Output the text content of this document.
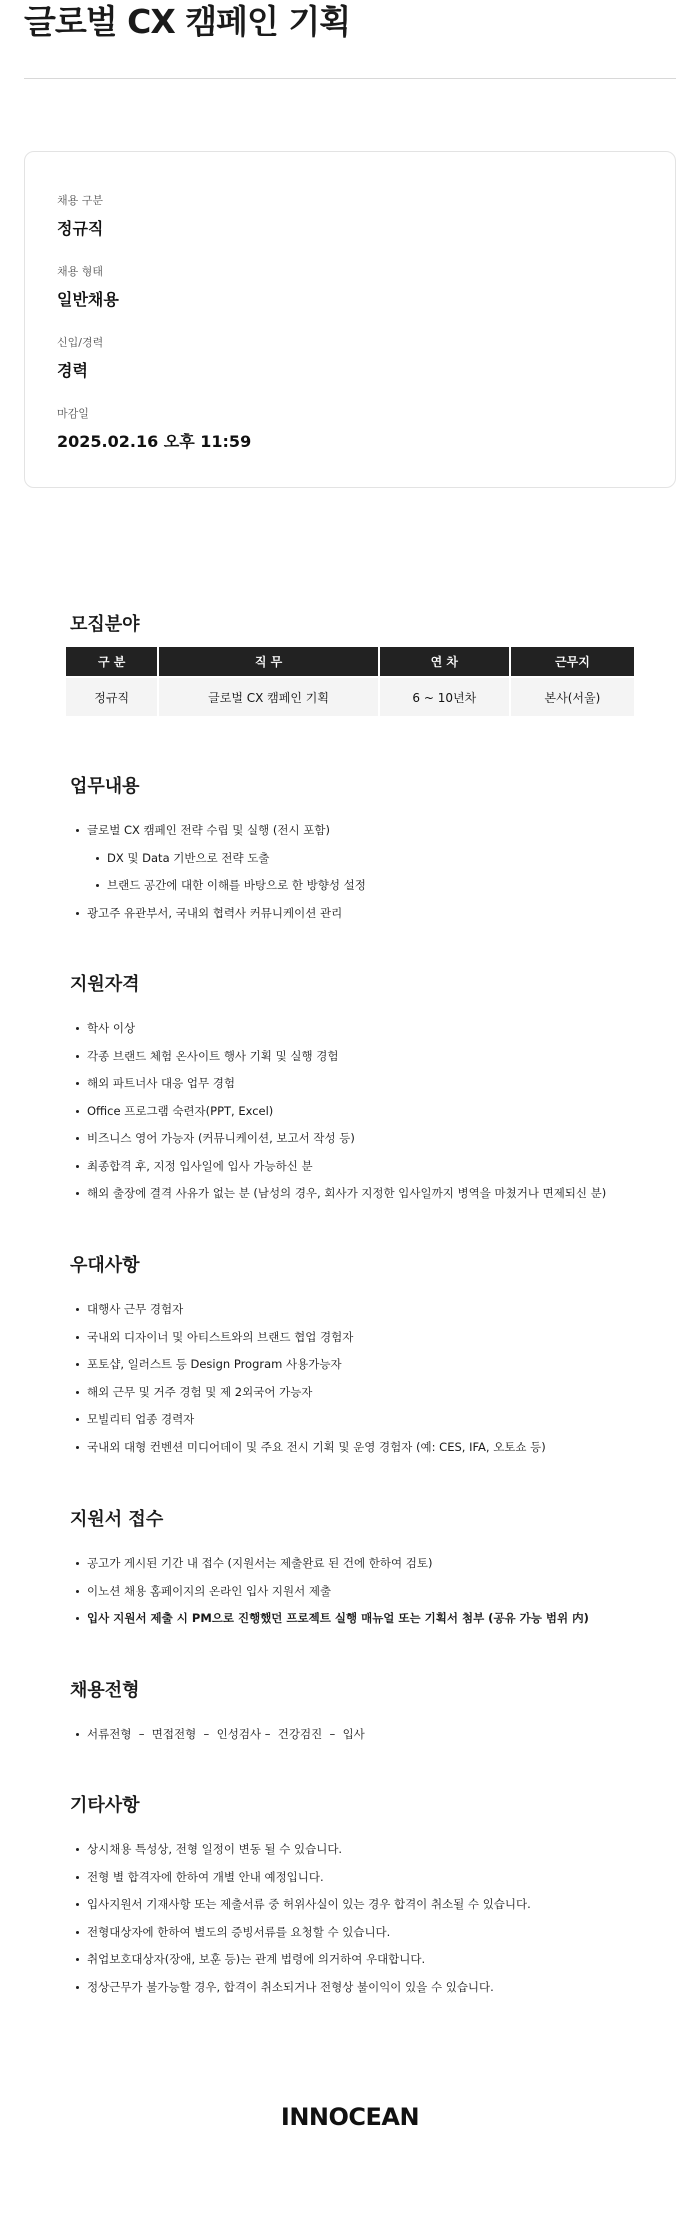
글로벌 CX 캠페인 기획
채용 구분
정규직
채용 형태
일반채용
신입/경력
경력
마감일
2025.02.16 오후 11:59
모집분야
구 분	직 무	연 차	근무지
정규직	글로벌 CX 캠페인 기획	6 ~ 10년차	본사(서울)
업무내용
글로벌 CX 캠페인 전략 수립 및 실행 (전시 포함)
DX 및 Data 기반으로 전략 도출
브랜드 공간에 대한 이해를 바탕으로 한 방향성 설정
광고주 유관부서, 국내외 협력사 커뮤니케이션 관리
지원자격
학사 이상
각종 브랜드 체험 온사이트 행사 기획 및 실행 경험
해외 파트너사 대응 업무 경험
Office 프로그램 숙련자(PPT, Excel)
비즈니스 영어 가능자 (커뮤니케이션, 보고서 작성 등)
최종합격 후, 지정 입사일에 입사 가능하신 분
해외 출장에 결격 사유가 없는 분 (남성의 경우, 회사가 지정한 입사일까지 병역을 마쳤거나 면제되신 분)
우대사항
대행사 근무 경험자
국내외 디자이너 및 아티스트와의 브랜드 협업 경험자
포토샵, 일러스트 등 Design Program 사용가능자
해외 근무 및 거주 경험 및 제 2외국어 가능자
모빌리티 업종 경력자
국내외 대형 컨벤션 미디어데이 및 주요 전시 기획 및 운영 경험자 (예: CES, IFA, 오토쇼 등)
지원서 접수
공고가 게시된 기간 내 접수 (지원서는 제출완료 된 건에 한하여 검토)
이노션 채용 홈페이지의 온라인 입사 지원서 제출
입사 지원서 제출 시 PM으로 진행했던 프로젝트 실행 매뉴얼 또는 기획서 첨부 (공유 가능 범위 内)
채용전형
서류전형  –  면접전형  –  인성검사 –  건강검진  –  입사
기타사항
상시채용 특성상, 전형 일정이 변동 될 수 있습니다.
전형 별 합격자에 한하여 개별 안내 예정입니다.
입사지원서 기재사항 또는 제출서류 중 허위사실이 있는 경우 합격이 취소될 수 있습니다.
전형대상자에 한하여 별도의 증빙서류를 요청할 수 있습니다.
취업보호대상자(장애, 보훈 등)는 관계 법령에 의거하여 우대합니다.
정상근무가 불가능할 경우, 합격이 취소되거나 전형상 불이익이 있을 수 있습니다.
INNOCEAN
